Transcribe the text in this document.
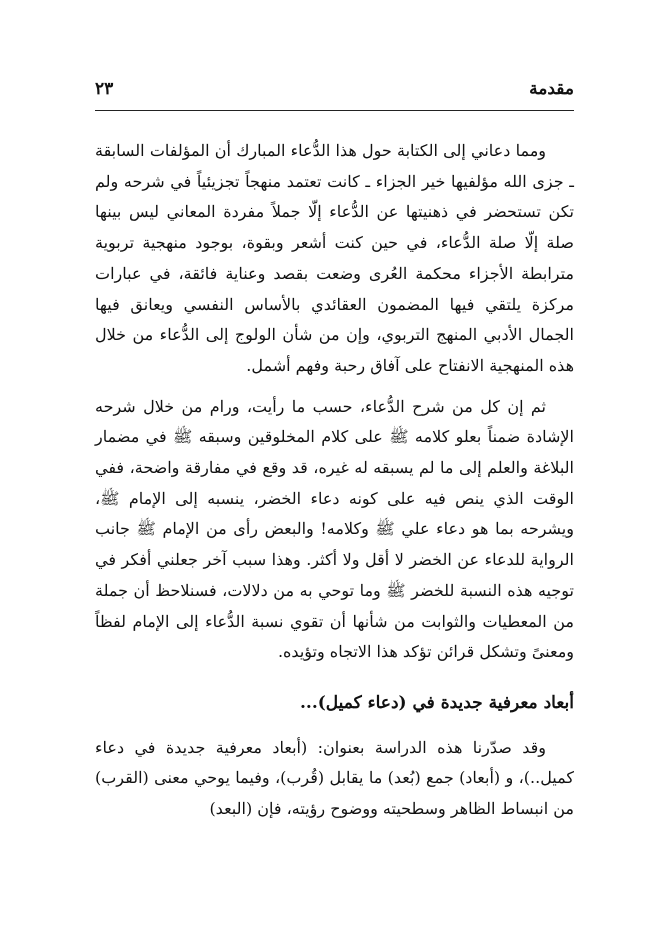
مقدمة
٢٣

ومما دعاني إلى الكتابة حول هذا الدُّعاء المبارك أن المؤلفات السابقة ـ جزى الله مؤلفيها خير الجزاء ـ كانت تعتمد منهجاً تجزيئياً في شرحه ولم تكن تستحضر في ذهنيتها عن الدُّعاء إلّا جملاً مفردة المعاني ليس بينها صلة إلّا صلة الدُّعاء، في حين كنت أشعر وبقوة، بوجود منهجية تربوية مترابطة الأجزاء محكمة العُرى وضعت بقصد وعناية فائقة، في عبارات مركزة يلتقي فيها المضمون العقائدي بالأساس النفسي ويعانق فيها الجمال الأدبي المنهج التربوي، وإن من شأن الولوج إلى الدُّعاء من خلال هذه المنهجية الانفتاح على آفاق رحبة وفهم أشمل.

ثم إن كل من شرح الدُّعاء، حسب ما رأيت، ورام من خلال شرحه الإشادة ضمناً بعلو كلامه ﷺ على كلام المخلوقين وسبقه ﷺ في مضمار البلاغة والعلم إلى ما لم يسبقه له غيره، قد وقع في مفارقة واضحة، ففي الوقت الذي ينص فيه على كونه دعاء الخضر، ينسبه إلى الإمام ﷺ، ويشرحه بما هو دعاء علي ﷺ وكلامه! والبعض رأى من الإمام ﷺ جانب الرواية للدعاء عن الخضر لا أقل ولا أكثر. وهذا سبب آخر جعلني أفكر في توجيه هذه النسبة للخضر ﷺ وما توحي به من دلالات، فسنلاحظ أن جملة من المعطيات والثوابت من شأنها أن تقوي نسبة الدُّعاء إلى الإمام لفظاً ومعنىً وتشكل قرائن تؤكد هذا الاتجاه وتؤيده.

أبعاد معرفية جديدة في (دعاء كميل)...

وقد صدّرنا هذه الدراسة بعنوان: (أبعاد معرفية جديدة في دعاء كميل..)، و (أبعاد) جمع (بُعد) ما يقابل (قُرب)، وفيما يوحي معنى (القرب) من انبساط الظاهر وسطحيته ووضوح رؤيته، فإن (البعد)
